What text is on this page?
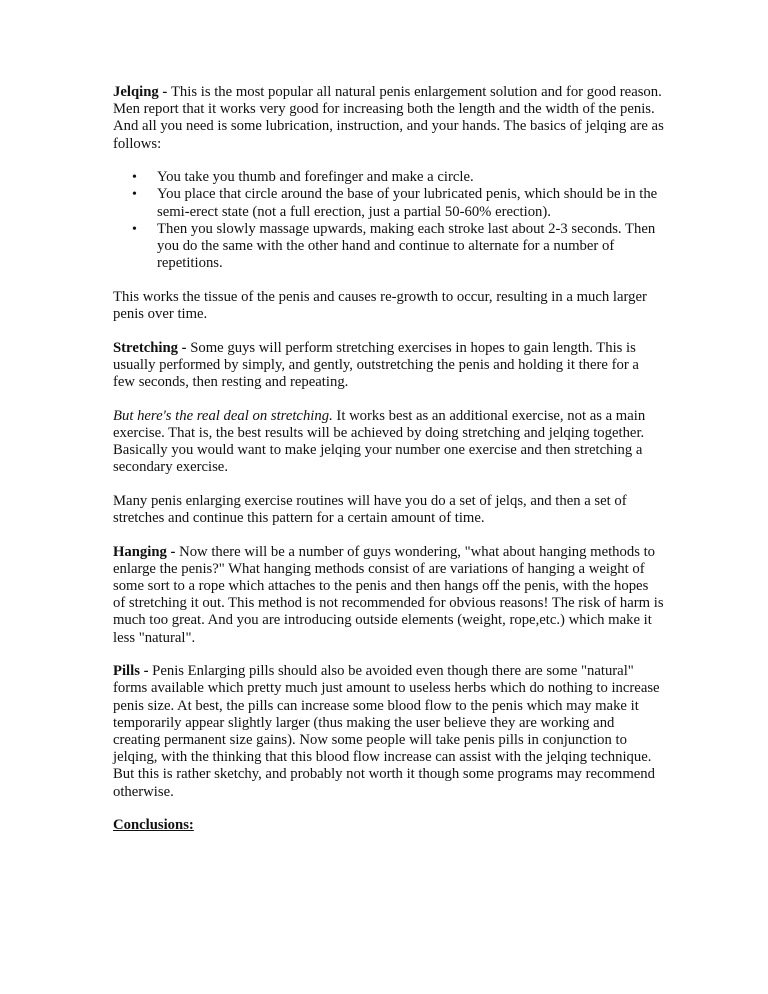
Jelqing - This is the most popular all natural penis enlargement solution and for good reason. Men report that it works very good for increasing both the length and the width of the penis. And all you need is some lubrication, instruction, and your hands. The basics of jelqing are as follows:

• You take you thumb and forefinger and make a circle.
• You place that circle around the base of your lubricated penis, which should be in the semi-erect state (not a full erection, just a partial 50-60% erection).
• Then you slowly massage upwards, making each stroke last about 2-3 seconds. Then you do the same with the other hand and continue to alternate for a number of repetitions.

This works the tissue of the penis and causes re-growth to occur, resulting in a much larger penis over time.

Stretching - Some guys will perform stretching exercises in hopes to gain length. This is usually performed by simply, and gently, outstretching the penis and holding it there for a few seconds, then resting and repeating.

But here's the real deal on stretching. It works best as an additional exercise, not as a main exercise. That is, the best results will be achieved by doing stretching and jelqing together. Basically you would want to make jelqing your number one exercise and then stretching a secondary exercise.

Many penis enlarging exercise routines will have you do a set of jelqs, and then a set of stretches and continue this pattern for a certain amount of time.

Hanging - Now there will be a number of guys wondering, "what about hanging methods to enlarge the penis?" What hanging methods consist of are variations of hanging a weight of some sort to a rope which attaches to the penis and then hangs off the penis, with the hopes of stretching it out. This method is not recommended for obvious reasons! The risk of harm is much too great. And you are introducing outside elements (weight, rope,etc.) which make it less "natural".

Pills - Penis Enlarging pills should also be avoided even though there are some "natural" forms available which pretty much just amount to useless herbs which do nothing to increase penis size. At best, the pills can increase some blood flow to the penis which may make it temporarily appear slightly larger (thus making the user believe they are working and creating permanent size gains). Now some people will take penis pills in conjunction to jelqing, with the thinking that this blood flow increase can assist with the jelqing technique. But this is rather sketchy, and probably not worth it though some programs may recommend otherwise.

Conclusions:
